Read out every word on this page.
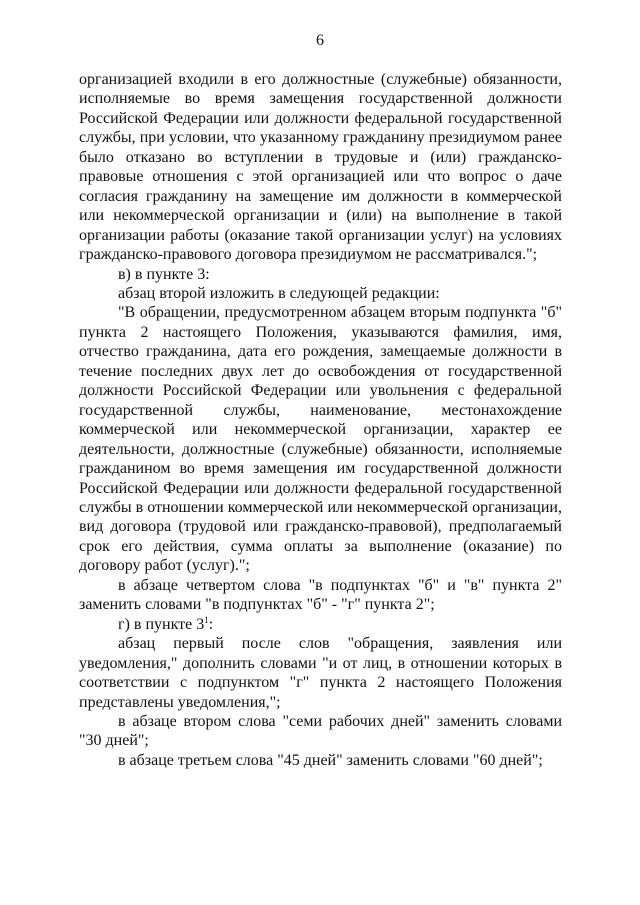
6

организацией входили в его должностные (служебные) обязанности, исполняемые во время замещения государственной должности Российской Федерации или должности федеральной государственной службы, при условии, что указанному гражданину президиумом ранее было отказано во вступлении в трудовые и (или) гражданско-правовые отношения с этой организацией или что вопрос о даче согласия гражданину на замещение им должности в коммерческой или некоммерческой организации и (или) на выполнение в такой организации работы (оказание такой организации услуг) на условиях гражданско-правового договора президиумом не рассматривался.";

в) в пункте 3:

абзац второй изложить в следующей редакции:

"В обращении, предусмотренном абзацем вторым подпункта "б" пункта 2 настоящего Положения, указываются фамилия, имя, отчество гражданина, дата его рождения, замещаемые должности в течение последних двух лет до освобождения от государственной должности Российской Федерации или увольнения с федеральной государственной службы, наименование, местонахождение коммерческой или некоммерческой организации, характер ее деятельности, должностные (служебные) обязанности, исполняемые гражданином во время замещения им государственной должности Российской Федерации или должности федеральной государственной службы в отношении коммерческой или некоммерческой организации, вид договора (трудовой или гражданско-правовой), предполагаемый срок его действия, сумма оплаты за выполнение (оказание) по договору работ (услуг).";

в абзаце четвертом слова "в подпунктах "б" и "в" пункта 2" заменить словами "в подпунктах "б" - "г" пункта 2";

г) в пункте $3^1$:

абзац первый после слов "обращения, заявления или уведомления," дополнить словами "и от лиц, в отношении которых в соответствии с подпунктом "г" пункта 2 настоящего Положения представлены уведомления,";

в абзаце втором слова "семи рабочих дней" заменить словами "30 дней";

в абзаце третьем слова "45 дней" заменить словами "60 дней";
